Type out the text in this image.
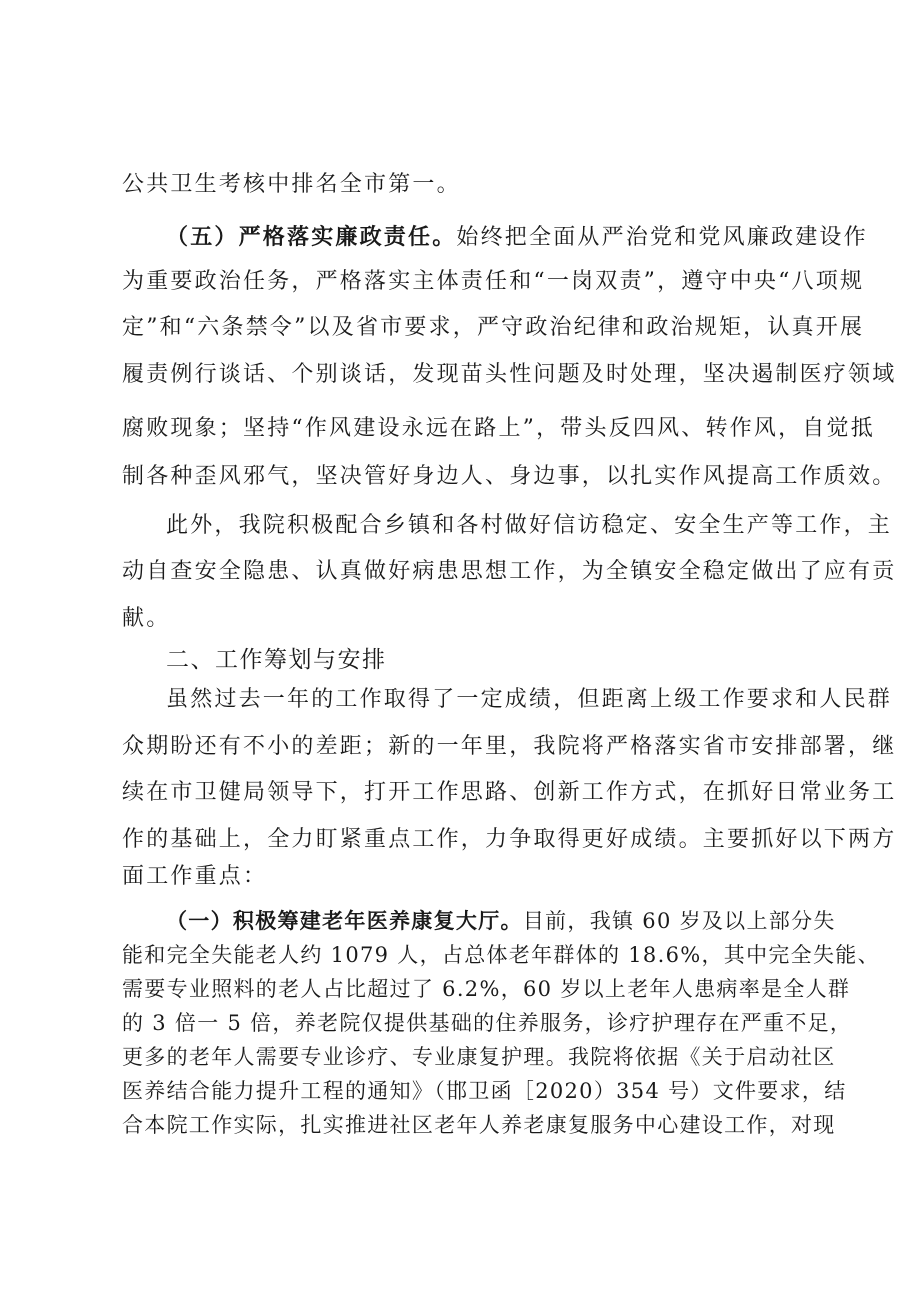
公共卫生考核中排名全市第一。
（五）严格落实廉政责任。始终把全面从严治党和党风廉政建设作
为重要政治任务，严格落实主体责任和“一岗双责”，遵守中央“八项规
定”和“六条禁令”以及省市要求，严守政治纪律和政治规矩，认真开展
履责例行谈话、个别谈话，发现苗头性问题及时处理，坚决遏制医疗领域
腐败现象；坚持“作风建设永远在路上”，带头反四风、转作风，自觉抵
制各种歪风邪气，坚决管好身边人、身边事，以扎实作风提高工作质效。
此外，我院积极配合乡镇和各村做好信访稳定、安全生产等工作，主
动自查安全隐患、认真做好病患思想工作，为全镇安全稳定做出了应有贡
献。
二、工作筹划与安排
虽然过去一年的工作取得了一定成绩，但距离上级工作要求和人民群
众期盼还有不小的差距；新的一年里，我院将严格落实省市安排部署，继
续在市卫健局领导下，打开工作思路、创新工作方式，在抓好日常业务工
作的基础上，全力盯紧重点工作，力争取得更好成绩。主要抓好以下两方
面工作重点：
（一）积极筹建老年医养康复大厅。目前，我镇 60 岁及以上部分失
能和完全失能老人约 1079 人，占总体老年群体的 18.6%，其中完全失能、
需要专业照料的老人占比超过了 6.2%，60 岁以上老年人患病率是全人群
的 3 倍一 5 倍，养老院仅提供基础的住养服务，诊疗护理存在严重不足，
更多的老年人需要专业诊疗、专业康复护理。我院将依据《关于启动社区
医养结合能力提升工程的通知》（邯卫函［2020）354 号）文件要求，结
合本院工作实际，扎实推进社区老年人养老康复服务中心建设工作，对现
